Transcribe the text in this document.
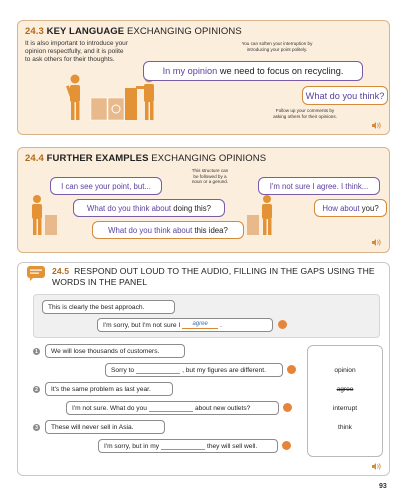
24.3 KEY LANGUAGE EXCHANGING OPINIONS
It is also important to introduce your
opinion respectfully, and it is polite
to ask others for their thoughts.
You can soften your interruption by
introducing your point politely.
In my opinion
we need to focus on recycling.
What do you think?
Follow up your comments by
asking others for their opinions.
24.4 FURTHER EXAMPLES EXCHANGING OPINIONS
This structure can
be followed by a
noun or a gerund.
I can see your point, but...
What do you think about
doing this?
What do you think about
this idea?
I'm not sure I agree. I think...
How about
you?
24.5 RESPOND OUT LOUD TO THE AUDIO, FILLING IN THE GAPS USING THE
WORDS IN THE PANEL
This is clearly the best approach.
I'm sorry, but I'm not sure I	agree	.
1	We will lose thousands of customers.
Sorry to	, but my figures are different.
2	It's the same problem as last year.
I'm not sure. What do you	about new outlets?
3	These will never sell in Asia.
I'm sorry, but in my	they will sell well.
opinion
agree
interrupt
think
93
